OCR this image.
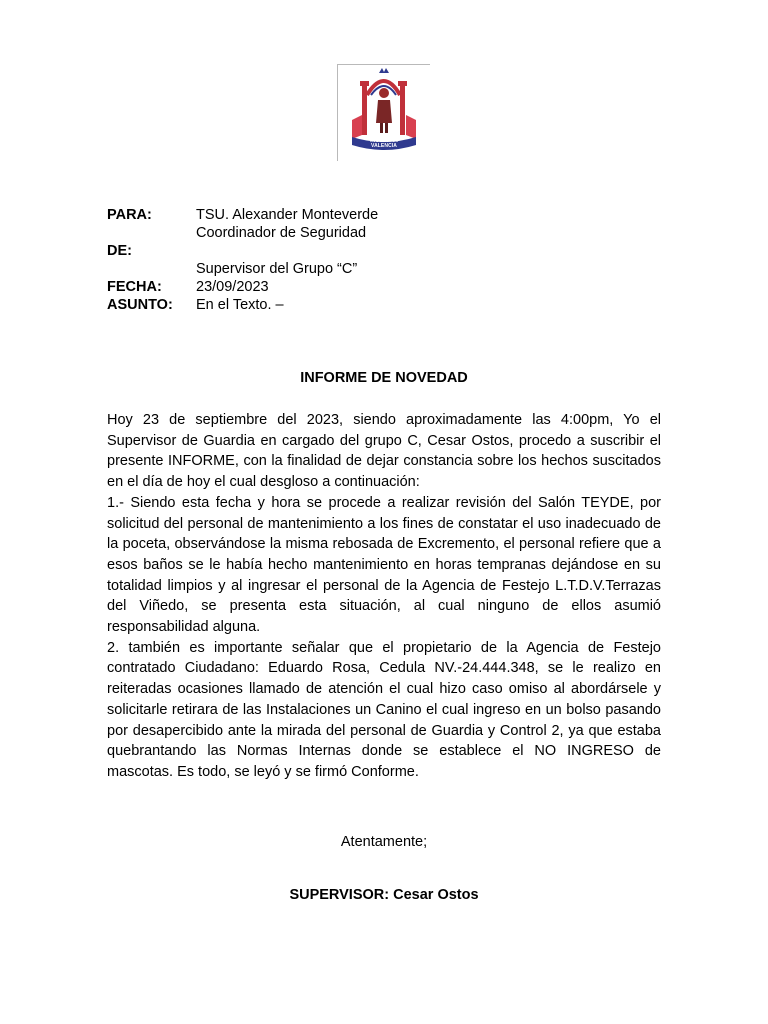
INGLESPIN VALENCIA
PARA:	TSU. Alexander Monteverde
Coordinador de Seguridad
DE:
Supervisor del Grupo “C”
FECHA: 23/09/2023
ASUNTO: En el Texto. –
INFORME DE NOVEDAD

Hoy 23 de septiembre del 2023, siendo aproximadamente las 4:00pm, Yo el Supervisor de Guardia en cargado del grupo C, Cesar Ostos, procedo a suscribir el presente INFORME, con la finalidad de dejar constancia sobre los hechos suscitados en el día de hoy el cual desgloso a continuación:

1.- Siendo esta fecha y hora se procede a realizar revisión del Salón TEYDE, por solicitud del personal de mantenimiento a los fines de constatar el uso inadecuado de la poceta, observándose la misma rebosada de Excremento, el personal refiere que a esos baños se le había hecho mantenimiento en horas tempranas dejándose en su totalidad limpios y al ingresar el personal de la Agencia de Festejo L.T.D.V.Terrazas del Viñedo, se presenta esta situación, al cual ninguno de ellos asumió responsabilidad alguna.

2. también es importante señalar que el propietario de la Agencia de Festejo contratado Ciudadano: Eduardo Rosa, Cedula NV.-24.444.348, se le realizo en reiteradas ocasiones llamado de atención el cual hizo caso omiso al abordársele y solicitarle retirara de las Instalaciones un Canino el cual ingreso en un bolso pasando por desapercibido ante la mirada del personal de Guardia y Control 2, ya que estaba quebrantando las Normas Internas donde se establece el NO INGRESO de mascotas. Es todo, se leyó y se firmó Conforme.

Atentamente;
SUPERVISOR: Cesar Ostos
